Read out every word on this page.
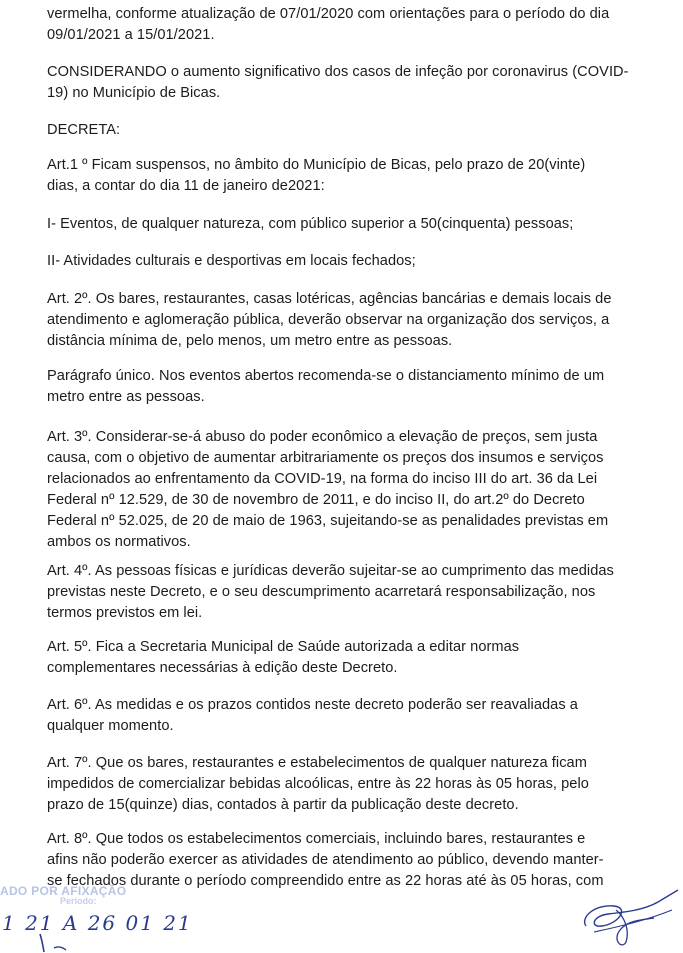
vermelha, conforme atualização de 07/01/2020 com orientações para o período do dia
09/01/2021 a 15/01/2021.
CONSIDERANDO o aumento significativo dos casos de infeção por coronavirus (COVID-
19) no Município de Bicas.
DECRETA:
Art.1 º Ficam suspensos, no âmbito do Município de Bicas, pelo prazo de 20(vinte)
dias, a contar do dia 11 de janeiro de2021:
I- Eventos, de qualquer natureza, com público superior a 50(cinquenta) pessoas;
II- Atividades culturais e desportivas em locais fechados;
Art. 2º. Os bares, restaurantes, casas lotéricas, agências bancárias e demais locais de
atendimento e aglomeração pública, deverão observar na organização dos serviços, a
distância mínima de, pelo menos, um metro entre as pessoas.
Parágrafo único. Nos eventos abertos recomenda-se o distanciamento mínimo de um
metro entre as pessoas.
Art. 3º. Considerar-se-á abuso do poder econômico a elevação de preços, sem justa
causa, com o objetivo de aumentar arbitrariamente os preços dos insumos e serviços
relacionados ao enfrentamento da COVID-19, na forma do inciso III do art. 36 da Lei
Federal nº 12.529, de 30 de novembro de 2011, e do inciso II, do art.2º do Decreto
Federal nº 52.025, de 20 de maio de 1963, sujeitando-se as penalidades previstas em
ambos os normativos.
Art. 4º. As pessoas físicas e jurídicas deverão sujeitar-se ao cumprimento das medidas
previstas neste Decreto, e o seu descumprimento acarretará responsabilização, nos
termos previstos em lei.
Art. 5º. Fica a Secretaria Municipal de Saúde autorizada a editar normas
complementares necessárias à edição deste Decreto.
Art. 6º. As medidas e os prazos contidos neste decreto poderão ser reavaliadas a
qualquer momento.
Art. 7º. Que os bares, restaurantes e estabelecimentos de qualquer natureza ficam
impedidos de comercializar bebidas alcoólicas, entre às 22 horas às 05 horas, pelo
prazo de 15(quinze) dias, contados à partir da publicação deste decreto.
Art. 8º. Que todos os estabelecimentos comerciais, incluindo bares, restaurantes e
afins não poderão exercer as atividades de atendimento ao público, devendo manter-
se fechados durante o período compreendido entre as 22 horas até às 05 horas, com
ADO POR AFIXAÇÃO
Período:
1 21 A 26 01 21
